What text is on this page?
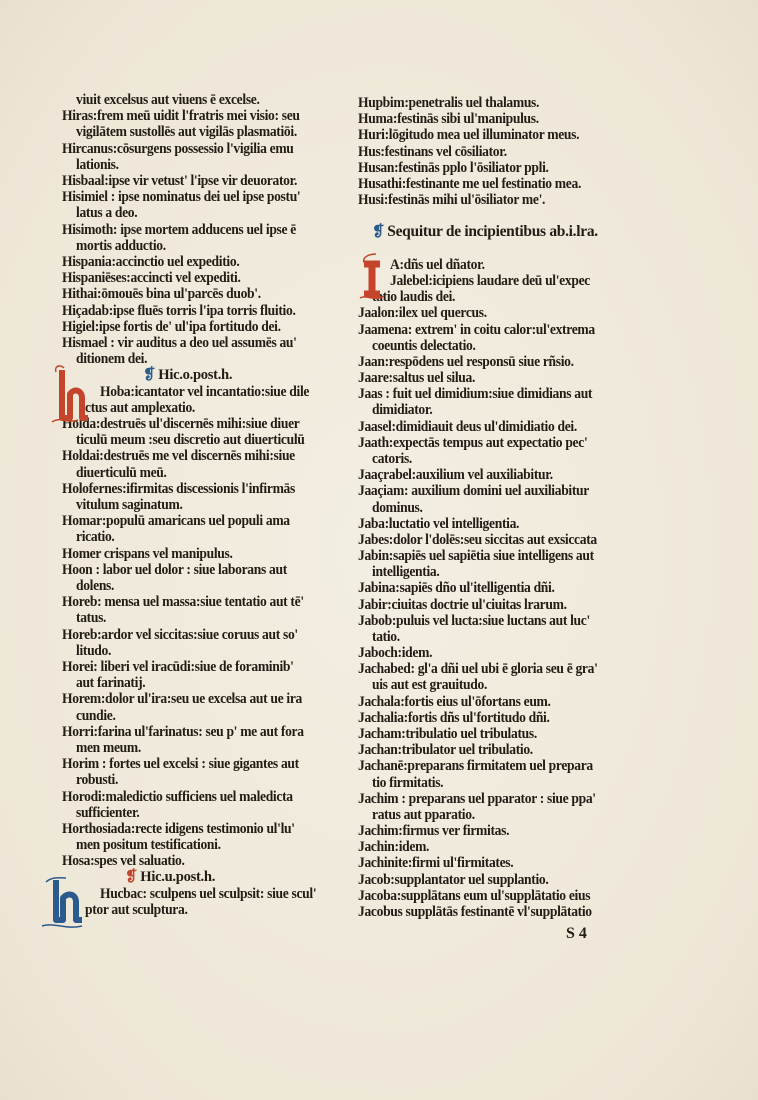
viuit excelsus aut viuens ē excelse.
Hiras:frem meū uidit l'fratris mei visio: seu
vigilātem sustollēs aut vigilās plasmatiōi.
Hircanus:cōsurgens possessio l'vigilia emu
lationis.
Hisbaal:ipse vir vetust' l'ipse vir deuorator.
Hisimiel : ipse nominatus dei uel ipse postu'
latus a deo.
Hisimoth: ipse mortem adducens uel ipse ē
mortis adductio.
Hispania:accinctio uel expeditio.
Hispaniēses:accincti vel expediti.
Hithai:ōmouēs bina ul'parcēs duob'.
Hiçadab:ipse fluēs torris l'ipa torris fluitio.
Higiel:ipse fortis de' ul'ipa fortitudo dei.
Hismael : vir auditus a deo uel assumēs au'
ditionem dei.
Hoba:icantator vel incantatio:siue dile
ctus aut amplexatio.
Holda:destruēs ul'discernēs mihi:siue diuer
ticulū meum :seu discretio aut diuerticulū
Holdai:destruēs me vel discernēs mihi:siue
diuerticulū meū.
Holofernes:ifirmitas discessionis l'infirmās
vitulum saginatum.
Homar:populū amaricans uel populi ama
ricatio.
Homer crispans vel manipulus.
Hoon : labor uel dolor : siue laborans aut
dolens.
Horeb: mensa uel massa:siue tentatio aut tē'
tatus.
Horeb:ardor vel siccitas:siue coruus aut so'
litudo.
Horei: liberi vel iracūdi:siue de foraminib'
aut farinatij.
Horem:dolor ul'ira:seu ue excelsa aut ue ira
cundie.
Horri:farina ul'farinatus: seu p' me aut fora
men meum.
Horim : fortes uel excelsi : siue gigantes aut
robusti.
Horodi:maledictio sufficiens uel maledicta
sufficienter.
Horthosiada:recte idigens testimonio ul'lu'
men positum testificationi.
Hosa:spes vel saluatio.
Hucbac: sculpens uel sculpsit: siue scul'
ptor aut sculptura.
Hupbim:penetralis uel thalamus.
Huma:festinās sibi ul'manipulus.
Huri:lōgitudo mea uel illuminator meus.
Hus:festinans vel cōsiliator.
Husan:festinās pplo l'ōsiliator ppli.
Husathi:festinante me uel festinatio mea.
Husi:festinās mihi ul'ōsiliator me'.
A:dñs uel dñator.
Jalebel:icipiens laudare deū ul'expec
tatio laudis dei.
Jaalon:ilex uel quercus.
Jaamena: extrem' in coitu calor:ul'extrema
coeuntis delectatio.
Jaan:respōdens uel responsū siue rñsio.
Jaare:saltus uel silua.
Jaas : fuit uel dimidium:siue dimidians aut
dimidiator.
Jaasel:dimidiauit deus ul'dimidiatio dei.
Jaath:expectās tempus aut expectatio pec'
catoris.
Jaaçrabel:auxilium vel auxiliabitur.
Jaaçiam: auxilium domini uel auxiliabitur
dominus.
Jaba:luctatio vel intelligentia.
Jabes:dolor l'dolēs:seu siccitas aut exsiccata
Jabin:sapiēs uel sapiētia siue intelligens aut
intelligentia.
Jabina:sapiēs dño ul'itelligentia dñi.
Jabir:ciuitas doctrie ul'ciuitas lrarum.
Jabob:puluis vel lucta:siue luctans aut luc'
tatio.
Jaboch:idem.
Jachabed: gl'a dñi uel ubi ē gloria seu ē gra'
uis aut est grauitudo.
Jachala:fortis eius ul'ōfortans eum.
Jachalia:fortis dñs ul'fortitudo dñi.
Jacham:tribulatio uel tribulatus.
Jachan:tribulator uel tribulatio.
Jachanē:preparans firmitatem uel prepara
tio firmitatis.
Jachim : preparans uel pparator : siue ppa'
ratus aut pparatio.
Jachim:firmus ver firmitas.
Jachin:idem.
Jachinite:firmi ul'firmitates.
Jacob:supplantator uel supplantio.
Jacoba:supplātans eum ul'supplātatio eius
Jacobus supplātās festinantē vl'supplātatio
❡ Hic.o.post.h.
❡ Hic.u.post.h.
❡ Sequitur de incipientibus ab.i.lra.
S 4
